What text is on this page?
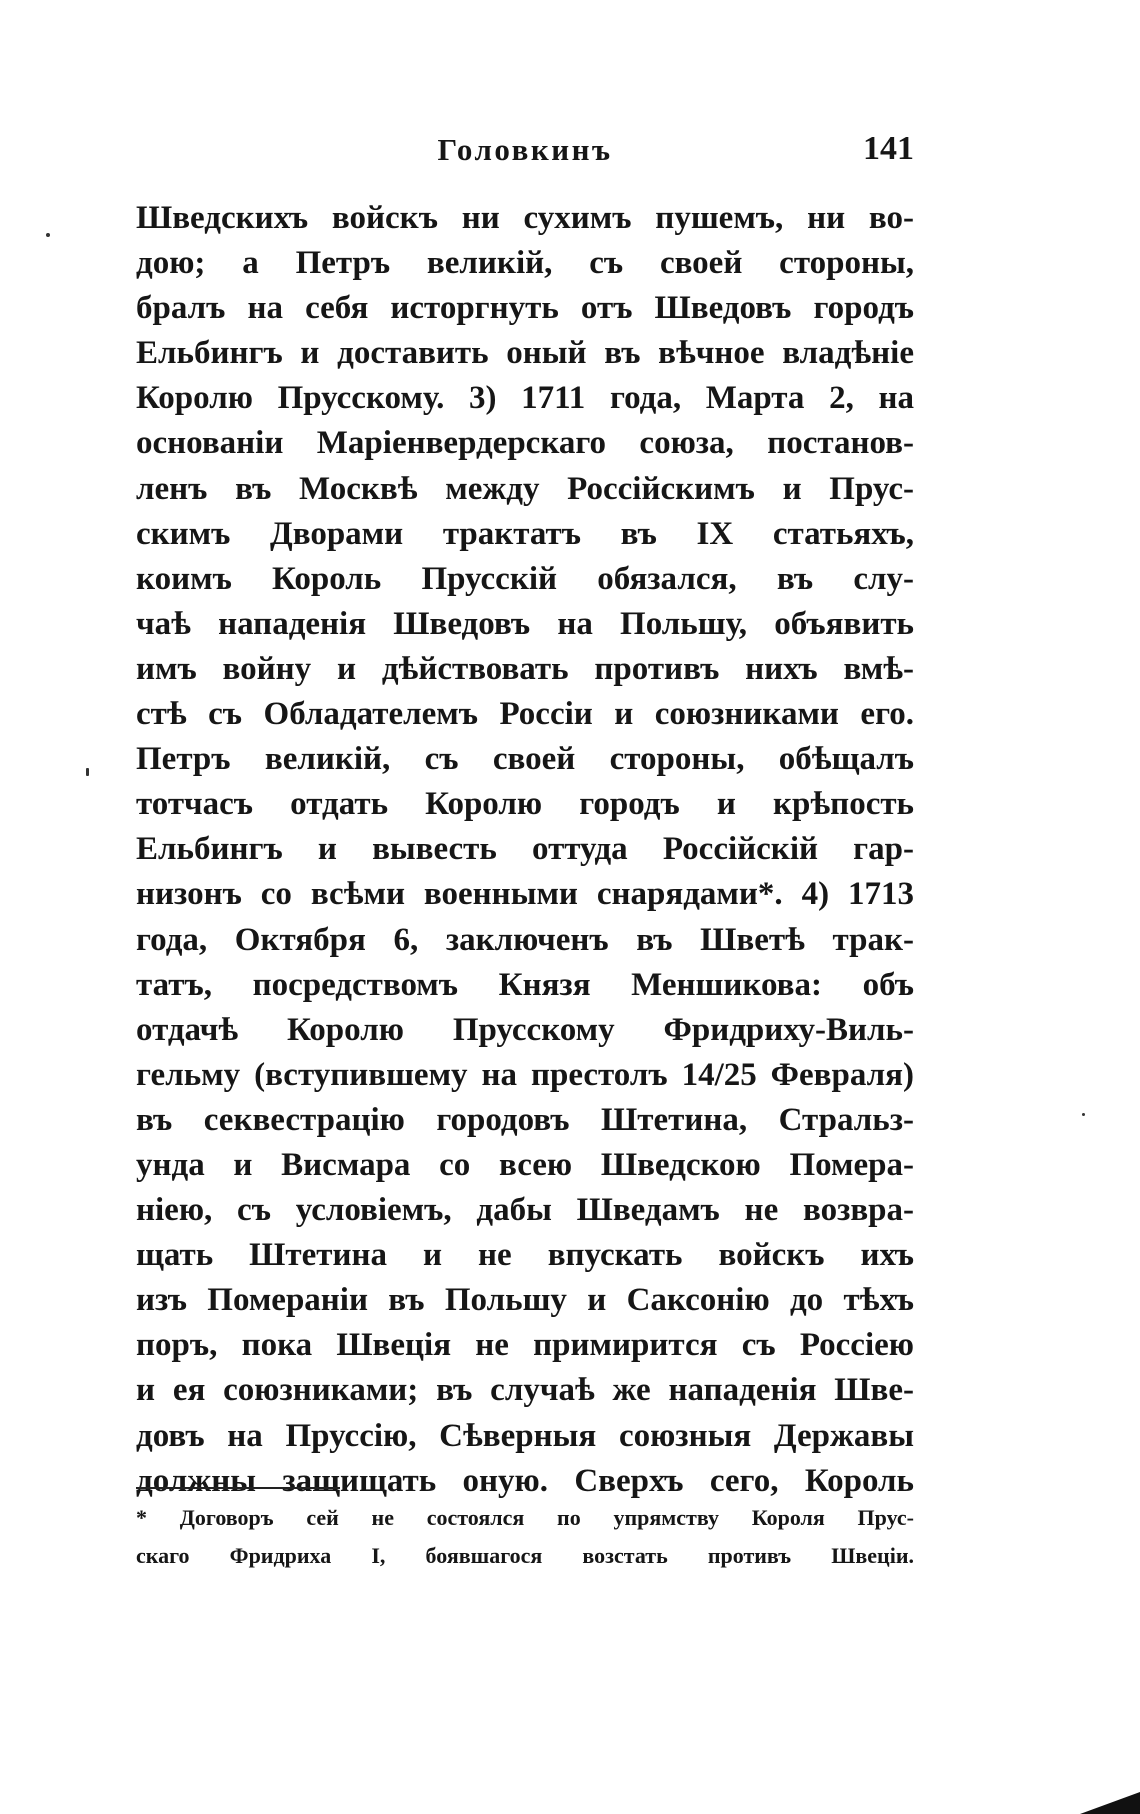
Головкинъ	141
Шведскихъ войскъ ни сухимъ пушемъ, ни во-
дою; а Петръ великій, съ своей стороны,
бралъ на себя исторгнуть отъ Шведовъ городъ
Ельбингъ и доставить оный въ вѣчное владѣніе
Королю Прусскому. 3) 1711 года, Марта 2, на
основаніи Маріенвердерскаго союза, постанов-
ленъ въ Москвѣ между Россійскимъ и Прус-
скимъ Дворами трактатъ въ IX статьяхъ,
коимъ Король Прусскій обязался, въ слу-
чаѣ нападенія Шведовъ на Польшу, объявить
имъ войну и дѣйствовать противъ нихъ вмѣ-
стѣ съ Обладателемъ Россіи и союзниками его.
Петръ великій, съ своей стороны, обѣщалъ
тотчасъ отдать Королю городъ и крѣпость
Ельбингъ и вывесть оттуда Россійскій гар-
низонъ со всѣми военными снарядами*. 4) 1713
года, Октября 6, заключенъ въ Шветѣ трак-
татъ, посредствомъ Князя Меншикова: объ
отдачѣ Королю Прусскому Фридриху-Виль-
гельму (вступившему на престолъ 14/25 Февраля)
въ секвестрацію городовъ Штетина, Стральз-
унда и Висмара со всею Шведскою Помера-
ніею, съ условіемъ, дабы Шведамъ не возвра-
щать Штетина и не впускать войскъ ихъ
изъ Помераніи въ Польшу и Саксонію до тѣхъ
поръ, пока Швеція не примирится съ Россіею
и ея союзниками; въ случаѣ же нападенія Шве-
довъ на Пруссію, Сѣверныя союзныя Державы
должны защищать оную. Сверхъ сего, Король
* Договоръ сей не состоялся по упрямству Короля Прус-
скаго Фридриха I, боявшагося возстать противъ Швеціи.
